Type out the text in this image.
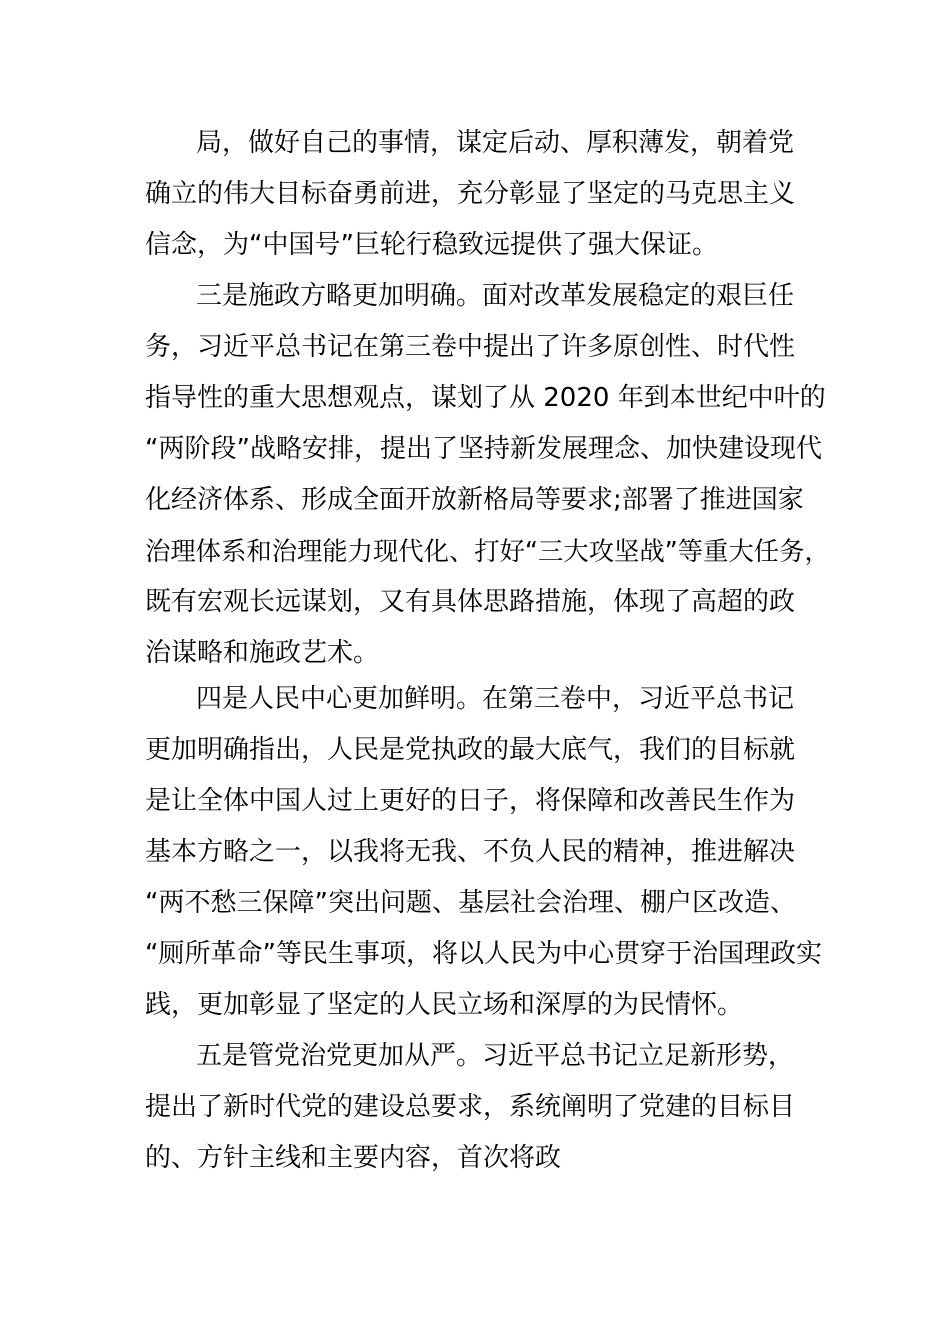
局，做好自己的事情，谋定后动、厚积薄发，朝着党
确立的伟大目标奋勇前进，充分彰显了坚定的马克思主义
信念，为“中国号”巨轮行稳致远提供了强大保证。
三是施政方略更加明确。面对改革发展稳定的艰巨任
务，习近平总书记在第三卷中提出了许多原创性、时代性
指导性的重大思想观点，谋划了从 2020 年到本世纪中叶的
“两阶段”战略安排，提出了坚持新发展理念、加快建设现代
化经济体系、形成全面开放新格局等要求;部署了推进国家
治理体系和治理能力现代化、打好“三大攻坚战”等重大任务，
既有宏观长远谋划，又有具体思路措施，体现了高超的政
治谋略和施政艺术。
四是人民中心更加鲜明。在第三卷中，习近平总书记
更加明确指出，人民是党执政的最大底气，我们的目标就
是让全体中国人过上更好的日子，将保障和改善民生作为
基本方略之一，以我将无我、不负人民的精神，推进解决
“两不愁三保障”突出问题、基层社会治理、棚户区改造、
“厕所革命”等民生事项，将以人民为中心贯穿于治国理政实
践，更加彰显了坚定的人民立场和深厚的为民情怀。
五是管党治党更加从严。习近平总书记立足新形势，
提出了新时代党的建设总要求，系统阐明了党建的目标目
的、方针主线和主要内容，首次将政
